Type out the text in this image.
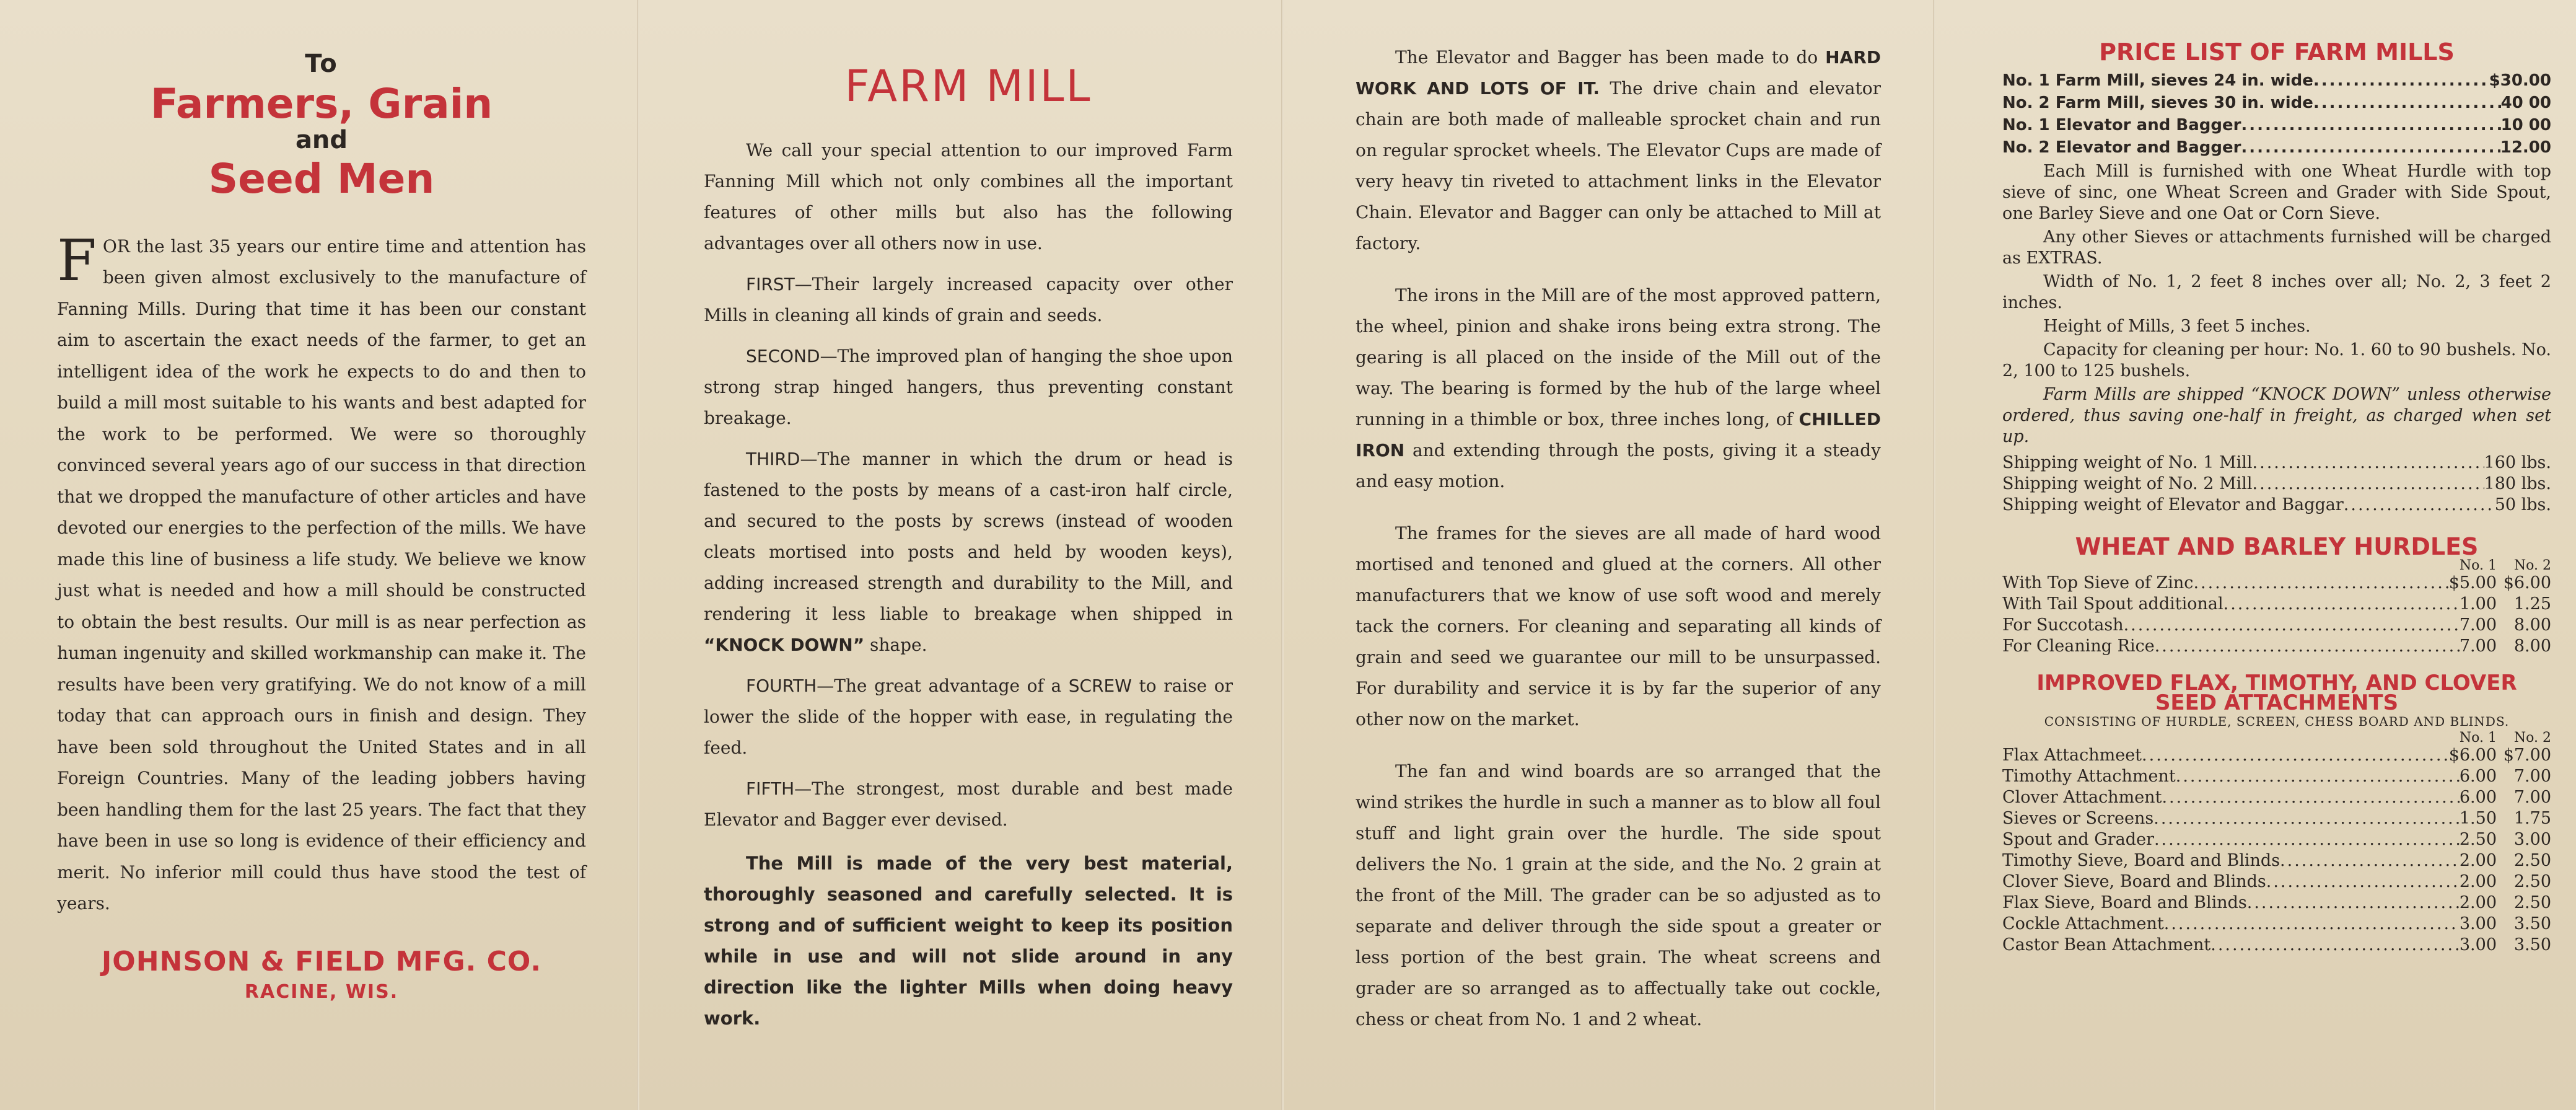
To
Farmers, Grain
and
Seed Men

FOR the last 35 years our entire time and attention has been given almost exclusively to the manufacture of Fanning Mills. During that time it has been our constant aim to ascertain the exact needs of the farmer, to get an intelligent idea of the work he expects to do and then to build a mill most suitable to his wants and best adapted for the work to be performed. We were so thoroughly convinced several years ago of our success in that direction that we dropped the manufacture of other articles and have devoted our energies to the perfection of the mills. We have made this line of business a life study. We believe we know just what is needed and how a mill should be constructed to obtain the best results. Our mill is as near perfection as human ingenuity and skilled workmanship can make it. The results have been very gratifying. We do not know of a mill today that can approach ours in finish and design. They have been sold throughout the United States and in all Foreign Countries. Many of the leading jobbers having been handling them for the last 25 years. The fact that they have been in use so long is evidence of their efficiency and merit. No inferior mill could thus have stood the test of years.

JOHNSON & FIELD MFG. CO.
RACINE, WIS.
FARM MILL

We call your special attention to our improved Farm Fanning Mill which not only combines all the important features of other mills but also has the following advantages over all others now in use.

FIRST—Their largely increased capacity over other Mills in cleaning all kinds of grain and seeds.

SECOND—The improved plan of hanging the shoe upon strong strap hinged hangers, thus preventing constant breakage.

THIRD—The manner in which the drum or head is fastened to the posts by means of a cast-iron half circle, and secured to the posts by screws (instead of wooden cleats mortised into posts and held by wooden keys), adding increased strength and durability to the Mill, and rendering it less liable to breakage when shipped in “KNOCK DOWN” shape.

FOURTH—The great advantage of a SCREW to raise or lower the slide of the hopper with ease, in regulating the feed.

FIFTH—The strongest, most durable and best made Elevator and Bagger ever devised.

The Mill is made of the very best material, thoroughly seasoned and carefully selected. It is strong and of sufficient weight to keep its position while in use and will not slide around in any direction like the lighter Mills when doing heavy work.

The Elevator and Bagger has been made to do HARD WORK AND LOTS OF IT. The drive chain and elevator chain are both made of malleable sprocket chain and run on regular sprocket wheels. The Elevator Cups are made of very heavy tin riveted to attachment links in the Elevator Chain. Elevator and Bagger can only be attached to Mill at factory.

The irons in the Mill are of the most approved pattern, the wheel, pinion and shake irons being extra strong. The gearing is all placed on the inside of the Mill out of the way. The bearing is formed by the hub of the large wheel running in a thimble or box, three inches long, of CHILLED IRON and extending through the posts, giving it a steady and easy motion.

The frames for the sieves are all made of hard wood mortised and tenoned and glued at the corners. All other manufacturers that we know of use soft wood and merely tack the corners. For cleaning and separating all kinds of grain and seed we guarantee our mill to be unsurpassed. For durability and service it is by far the superior of any other now on the market.

The fan and wind boards are so arranged that the wind strikes the hurdle in such a manner as to blow all foul stuff and light grain over the hurdle. The side spout delivers the No. 1 grain at the side, and the No. 2 grain at the front of the Mill. The grader can be so adjusted as to separate and deliver through the side spout a greater or less portion of the best grain. The wheat screens and grader are so arranged as to affectually take out cockle, chess or cheat from No. 1 and 2 wheat.

PRICE LIST OF FARM MILLS
No. 1 Farm Mill, sieves 24 in. wide .....	$30.00
No. 2 Farm Mill, sieves 30 in. wide .....	40 00
No. 1 Elevator and Bagger .....	10 00
No. 2 Elevator and Bagger .....	12.00

Each Mill is furnished with one Wheat Hurdle with top sieve of sinc, one Wheat Screen and Grader with Side Spout, one Barley Sieve and one Oat or Corn Sieve.

Any other Sieves or attachments furnished will be charged as EXTRAS.

Width of No. 1, 2 feet 8 inches over all; No. 2, 3 feet 2 inches.

Height of Mills, 3 feet 5 inches.

Capacity for cleaning per hour: No. 1. 60 to 90 bushels. No. 2, 100 to 125 bushels.

Farm Mills are shipped “KNOCK DOWN” unless otherwise ordered, thus saving one-half in freight, as charged when set up.

Shipping weight of No. 1 Mill .....	160 lbs.
Shipping weight of No. 2 Mill .....	180 lbs.
Shipping weight of Elevator and Baggar .....	50 lbs.
WHEAT AND BARLEY HURDLES
No. 1	No. 2
With Top Sieve of Zinc .....	$5.00 $6.00
With Tail Spout additional .....	1.00	1.25
For Succotash .....	7.00	8.00
For Cleaning Rice .....	7.00	8.00
IMPROVED FLAX, TIMOTHY, AND CLOVER
SEED ATTACHMENTS
CONSISTING OF HURDLE, SCREEN, CHESS BOARD AND BLINDS.
No. 1	No. 2
Flax Attachmeet .....	$6.00 $7.00
Timothy Attachment .....	6.00	7.00
Clover Attachment .....	6.00	7.00
Sieves or Screens .....	1.50	1.75
Spout and Grader .....	2.50	3.00
Timothy Sieve, Board and Blinds .....	2.00	2.50
Clover Sieve, Board and Blinds .....	2.00	2.50
Flax Sieve, Board and Blinds .....	2.00	2.50
Cockle Attachment .....	3.00	3.50
Castor Bean Attachment .....	3.00	3.50
